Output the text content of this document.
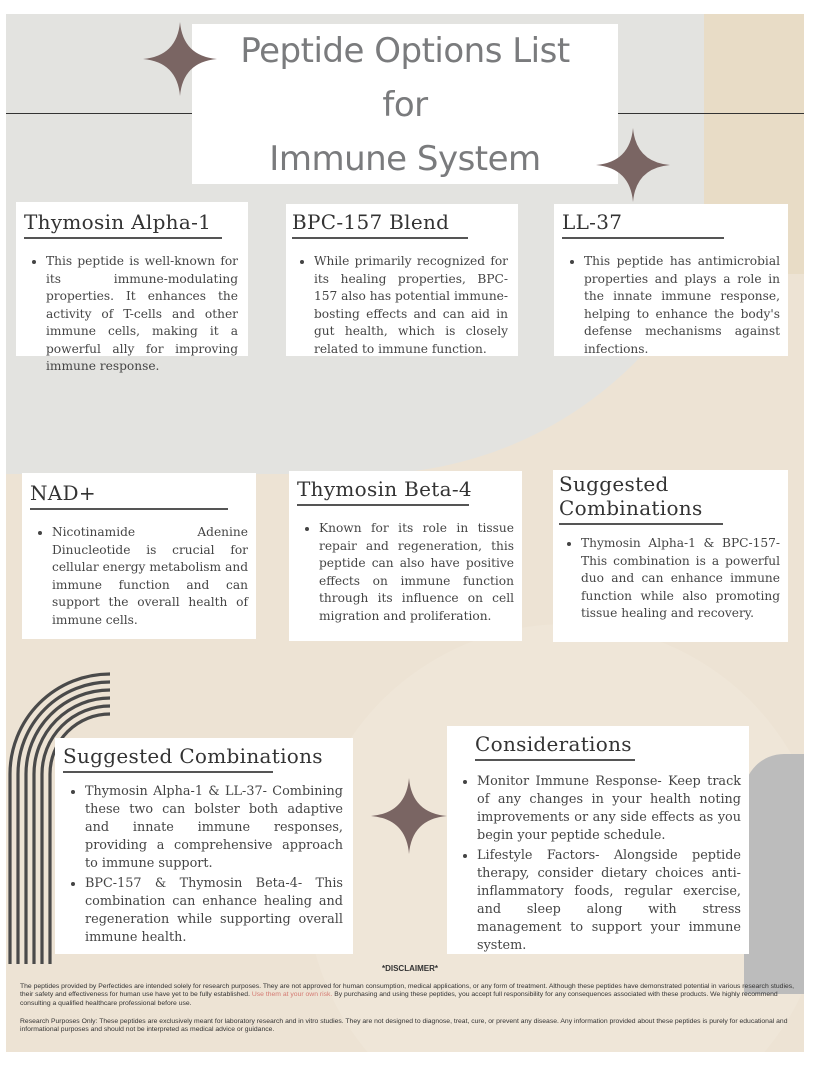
Peptide Options List
for
Immune System
Thymosin Alpha-1
• This peptide is well-known for its immune-modulating properties. It enhances the activity of T-cells and other immune cells, making it a powerful ally for improving immune response.
BPC-157 Blend
• While primarily recognized for its healing properties, BPC-157 also has potential immune-bosting effects and can aid in gut health, which is closely related to immune function.
LL-37
• This peptide has antimicrobial properties and plays a role in the innate immune response, helping to enhance the body's defense mechanisms against infections.
NAD+
• Nicotinamide Adenine Dinucleotide is crucial for cellular energy metabolism and immune function and can support the overall health of immune cells.
Thymosin Beta-4
• Known for its role in tissue repair and regeneration, this peptide can also have positive effects on immune function through its influence on cell migration and proliferation.
Suggested
Combinations
• Thymosin Alpha-1 & BPC-157- This combination is a powerful duo and can enhance immune function while also promoting tissue healing and recovery.
Suggested Combinations
• Thymosin Alpha-1 & LL-37- Combining these two can bolster both adaptive and innate immune responses, providing a comprehensive approach to immune support.
• BPC-157 & Thymosin Beta-4- This combination can enhance healing and regeneration while supporting overall immune health.
Considerations
• Monitor Immune Response- Keep track of any changes in your health noting improvements or any side effects as you begin your peptide schedule.
• Lifestyle Factors- Alongside peptide therapy, consider dietary choices anti-inflammatory foods, regular exercise, and sleep along with stress management to support your immune system.
*DISCLAIMER*
The peptides provided by Perfectides are intended solely for research purposes. They are not approved for human consumption, medical applications, or any form of treatment. Although these peptides have demonstrated potential in various research studies, their safety and effectiveness for human use have yet to be fully established. Use them at your own risk. By purchasing and using these peptides, you accept full responsibility for any consequences associated with these products. We highly recommend consulting a qualified healthcare professional before use.
Research Purposes Only: These peptides are exclusively meant for laboratory research and in vitro studies. They are not designed to diagnose, treat, cure, or prevent any disease. Any information provided about these peptides is purely for educational and informational purposes and should not be interpreted as medical advice or guidance.
